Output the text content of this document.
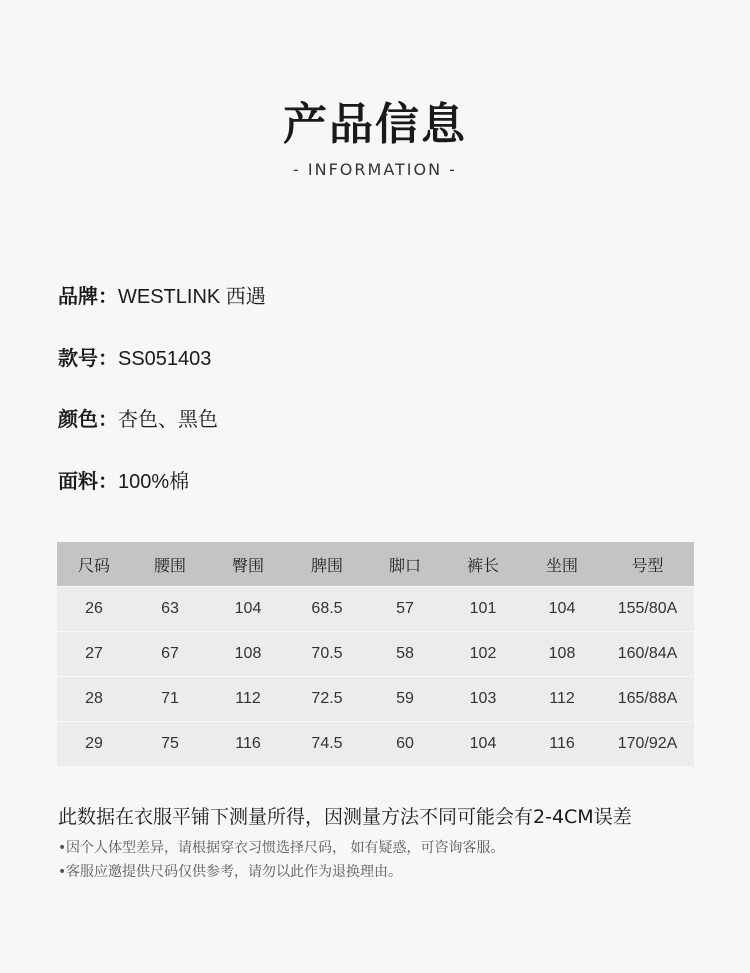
产品信息
- INFORMATION -
品牌：WESTLINK 西遇
款号：SS051403
颜色：杏色、黑色
面料：100%棉
尺码	腰围	臀围	脾围	脚口	裤长	坐围	号型
26	63	104	68.5	57	101	104	155/80A
27	67	108	70.5	58	102	108	160/84A
28	71	112	72.5	59	103	112	165/88A
29	75	116	74.5	60	104	116	170/92A
此数据在衣服平铺下测量所得，因测量方法不同可能会有2-4CM误差
•因个人体型差异，请根据穿衣习惯选择尺码， 如有疑惑，可咨询客服。
•客服应邀提供尺码仅供参考，请勿以此作为退换理由。
